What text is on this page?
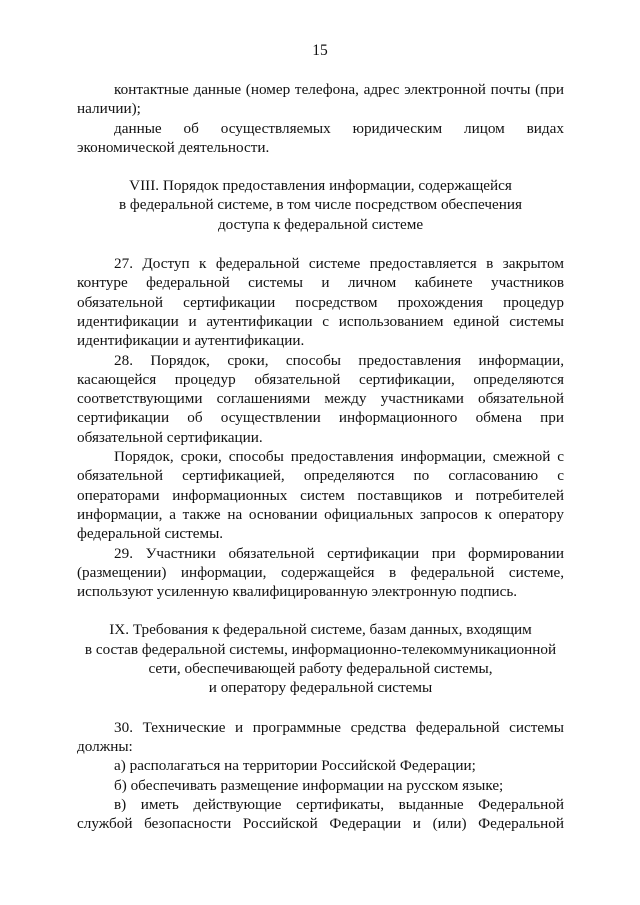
15

контактные данные (номер телефона, адрес электронной почты (при наличии);

данные об осуществляемых юридическим лицом видах экономической деятельности.

VIII. Порядок предоставления информации, содержащейся
в федеральной системе, в том числе посредством обеспечения
доступа к федеральной системе

27. Доступ к федеральной системе предоставляется в закрытом контуре федеральной системы и личном кабинете участников обязательной сертификации посредством прохождения процедур идентификации и аутентификации с использованием единой системы идентификации и аутентификации.

28. Порядок, сроки, способы предоставления информации, касающейся процедур обязательной сертификации, определяются соответствующими соглашениями между участниками обязательной сертификации об осуществлении информационного обмена при обязательной сертификации.

Порядок, сроки, способы предоставления информации, смежной с обязательной сертификацией, определяются по согласованию с операторами информационных систем поставщиков и потребителей информации, а также на основании официальных запросов к оператору федеральной системы.

29. Участники обязательной сертификации при формировании (размещении) информации, содержащейся в федеральной системе, используют усиленную квалифицированную электронную подпись.

IX. Требования к федеральной системе, базам данных, входящим
в состав федеральной системы, информационно-телекоммуникационной
сети, обеспечивающей работу федеральной системы,
и оператору федеральной системы

30. Технические и программные средства федеральной системы должны:

а) располагаться на территории Российской Федерации;

б) обеспечивать размещение информации на русском языке;

в) иметь действующие сертификаты, выданные Федеральной службой безопасности Российской Федерации и (или) Федеральной
